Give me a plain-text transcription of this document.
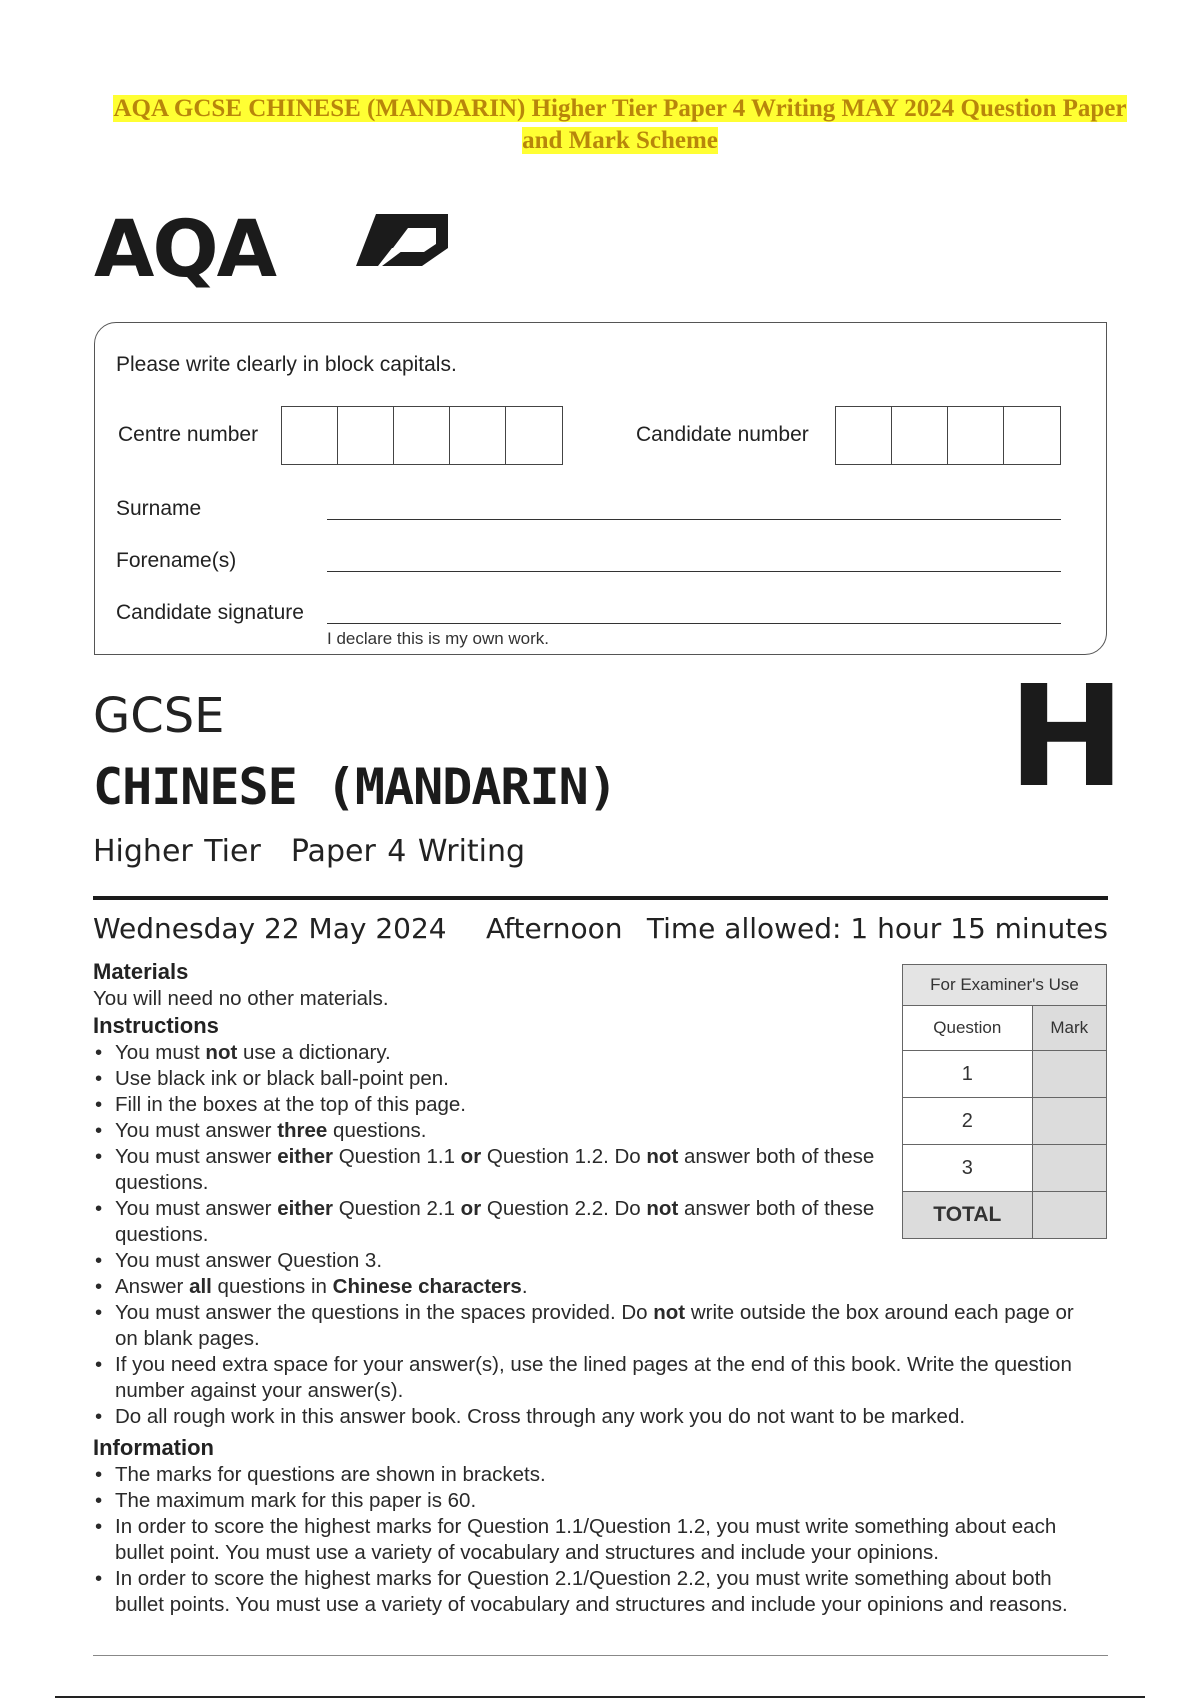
AQA GCSE CHINESE (MANDARIN) Higher Tier Paper 4 Writing MAY 2024 Question Paper
and Mark Scheme
AQA
Please write clearly in block capitals.
Centre number	Candidate number
Surname
Forename(s)
Candidate signature
I declare this is my own work.
GCSE
CHINESE (MANDARIN)
Higher Tier Paper 4 Writing
H
Wednesday 22 May 2024 Afternoon Time allowed: 1 hour 15 minutes
Materials
You will need no other materials.
Instructions
• You must not use a dictionary.
• Use black ink or black ball-point pen.
• Fill in the boxes at the top of this page.
• You must answer three questions.
• You must answer either Question 1.1 or Question 1.2. Do not answer both of these questions.
• You must answer either Question 2.1 or Question 2.2. Do not answer both of these questions.
• You must answer Question 3.
• Answer all questions in Chinese characters.
• You must answer the questions in the spaces provided. Do not write outside the box around each page or on blank pages.
• If you need extra space for your answer(s), use the lined pages at the end of this book. Write the question number against your answer(s).
• Do all rough work in this answer book. Cross through any work you do not want to be marked.
Information
• The marks for questions are shown in brackets.
• The maximum mark for this paper is 60.
• In order to score the highest marks for Question 1.1/Question 1.2, you must write something about each bullet point. You must use a variety of vocabulary and structures and include your opinions.
• In order to score the highest marks for Question 2.1/Question 2.2, you must write something about both bullet points. You must use a variety of vocabulary and structures and include your opinions and reasons.
For Examiner's Use	
Question	Mark
1	
2	
3	
TOTAL	
